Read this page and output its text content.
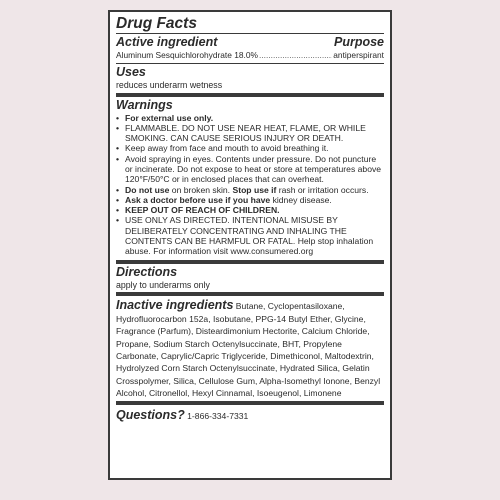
Drug Facts
Active ingredient	Purpose
Aluminum Sesquichlorohydrate 18.0%
.....	antiperspirant
Uses
reduces underarm wetness
Warnings
• For external use only.
• FLAMMABLE. DO NOT USE NEAR HEAT, FLAME, OR WHILE SMOKING. CAN CAUSE SERIOUS INJURY OR DEATH.
• Keep away from face and mouth to avoid breathing it.
• Avoid spraying in eyes. Contents under pressure. Do not puncture or incinerate. Do not expose to heat or store at temperatures above 120°F/50°C or in enclosed places that can overheat.
• Do not use on broken skin. Stop use if rash or irritation occurs.
• Ask a doctor before use if you have kidney disease.
• KEEP OUT OF REACH OF CHILDREN.
• USE ONLY AS DIRECTED. INTENTIONAL MISUSE BY DELIBERATELY CONCENTRATING AND INHALING THE CONTENTS CAN BE HARMFUL OR FATAL. Help stop inhalation abuse. For information visit www.consumered.org
Directions
apply to underarms only
Inactive ingredients Butane, Cyclopentasiloxane, Hydrofluorocarbon 152a, Isobutane, PPG-14 Butyl Ether, Glycine, Fragrance (Parfum), Disteardimonium Hectorite, Calcium Chloride, Propane, Sodium Starch Octenylsuccinate, BHT, Propylene Carbonate, Caprylic/Capric Triglyceride, Dimethiconol, Maltodextrin, Hydrolyzed Corn Starch Octenylsuccinate, Hydrated Silica, Gelatin Crosspolymer, Silica, Cellulose Gum, Alpha-Isomethyl Ionone, Benzyl Alcohol, Citronellol, Hexyl Cinnamal, Isoeugenol, Limonene
Questions? 1-866-334-7331
